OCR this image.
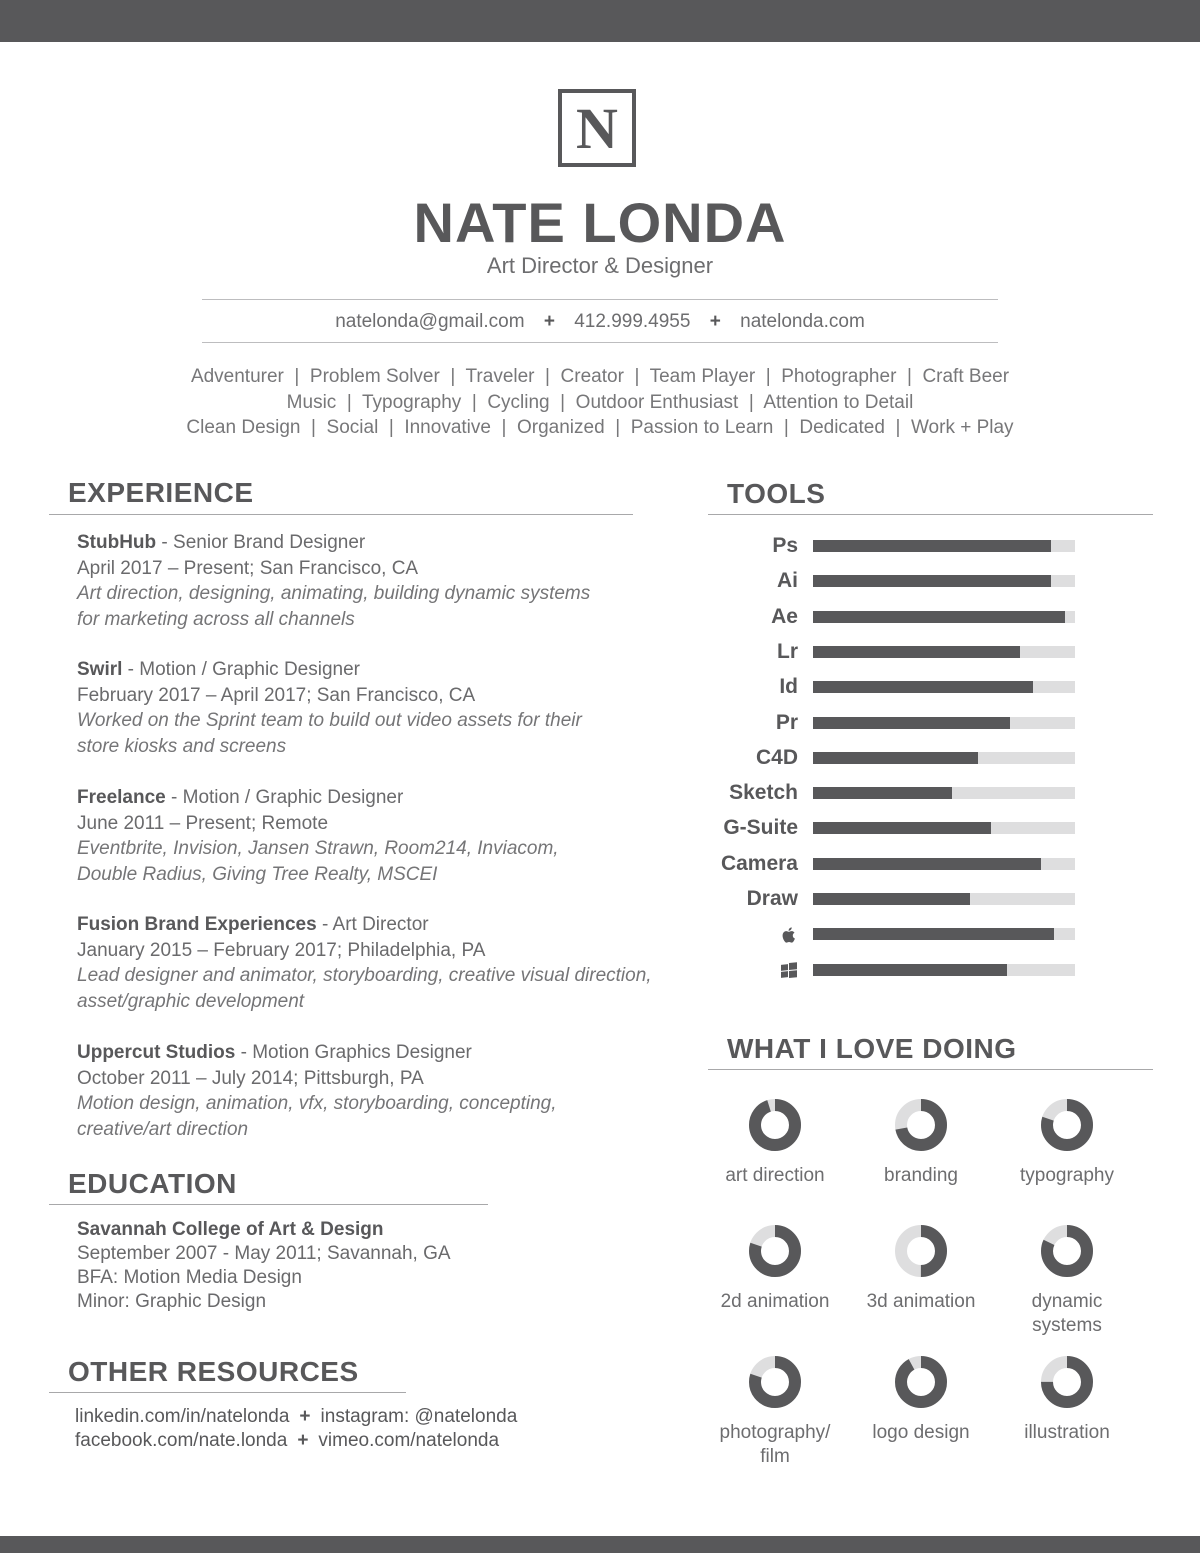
N
NATE LONDA
Art Director & Designer
natelonda@gmail.com + 412.999.4955 + natelonda.com
Adventurer  |  Problem Solver  |  Traveler  |  Creator  |  Team Player  |  Photographer  |  Craft Beer
Music  |  Typography  |  Cycling  |  Outdoor Enthusiast  |  Attention to Detail
Clean Design  |  Social  |  Innovative  |  Organized  |  Passion to Learn  |  Dedicated  |  Work + Play
EXPERIENCE
StubHub - Senior Brand Designer
April 2017 – Present; San Francisco, CA
Art direction, designing, animating, building dynamic systems for marketing across all channels
Swirl - Motion / Graphic Designer
February 2017 – April 2017; San Francisco, CA
Worked on the Sprint team to build out video assets for their store kiosks and screens
Freelance - Motion / Graphic Designer
June 2011 – Present; Remote
Eventbrite, Invision, Jansen Strawn, Room214, Inviacom, Double Radius, Giving Tree Realty, MSCEI
Fusion Brand Experiences - Art Director
January 2015 – February 2017; Philadelphia, PA
Lead designer and animator, storyboarding, creative visual direction, asset/graphic development
Uppercut Studios - Motion Graphics Designer
October 2011 – July 2014; Pittsburgh, PA
Motion design, animation, vfx, storyboarding, concepting, creative/art direction
EDUCATION
Savannah College of Art & Design
September 2007 - May 2011; Savannah, GA
BFA: Motion Media Design
Minor: Graphic Design
OTHER RESOURCES
linkedin.com/in/natelonda + instagram: @natelonda
facebook.com/nate.londa + vimeo.com/natelonda
TOOLS
Ps
Ai
Ae
Lr
Id
Pr
C4D
Sketch
G-Suite
Camera
Draw
WHAT I LOVE DOING
art direction	branding	typography
2d animation	3d animation	dynamic systems
photography/ film
logo design	illustration
